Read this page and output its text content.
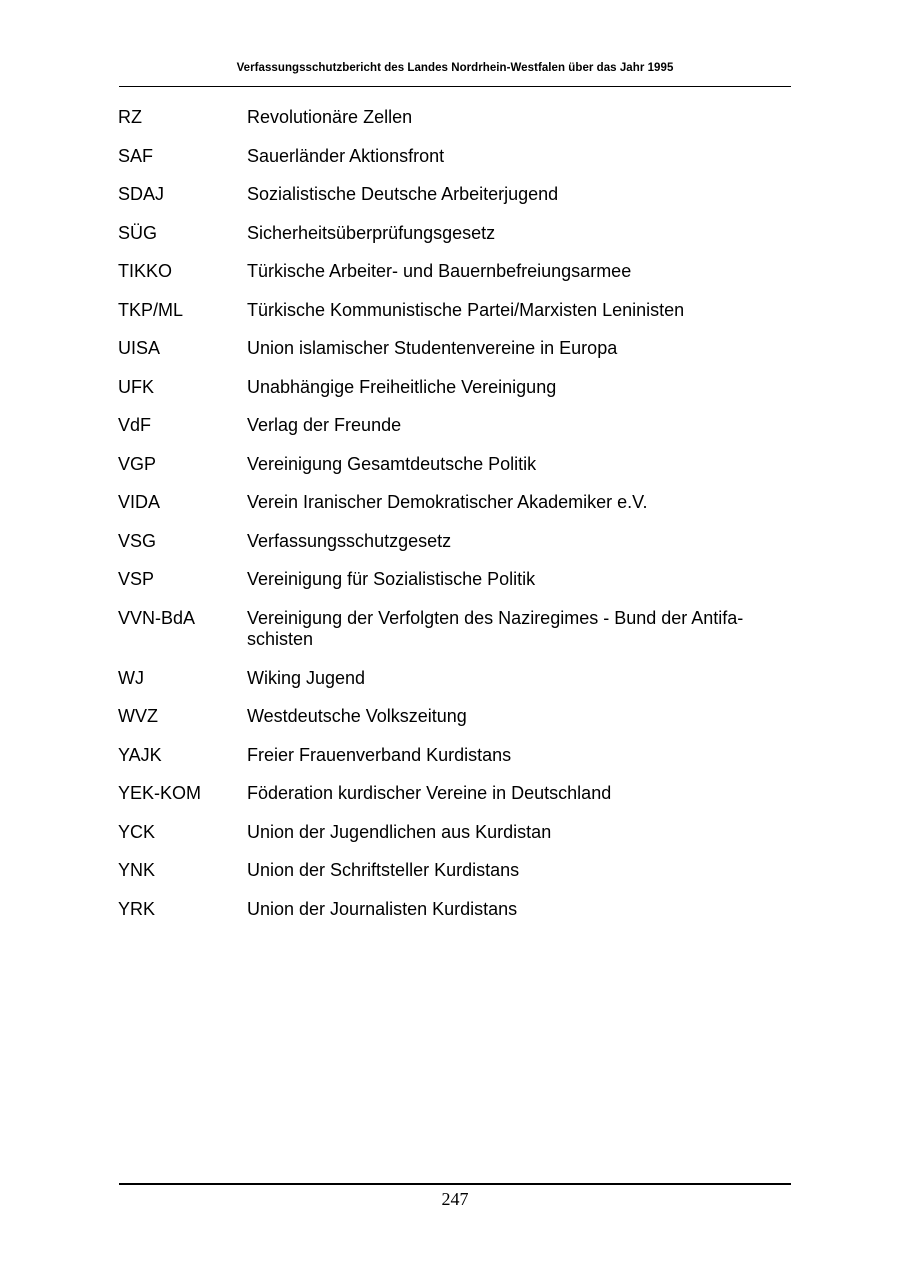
Verfassungsschutzbericht des Landes Nordrhein-Westfalen über das Jahr 1995
RZ	Revolutionäre Zellen
SAF	Sauerländer Aktionsfront
SDAJ	Sozialistische Deutsche Arbeiterjugend
SÜG	Sicherheitsüberprüfungsgesetz
TIKKO	Türkische Arbeiter- und Bauernbefreiungsarmee
TKP/ML	Türkische Kommunistische Partei/Marxisten Leninisten
UISA	Union islamischer Studentenvereine in Europa
UFK	Unabhängige Freiheitliche Vereinigung
VdF	Verlag der Freunde
VGP	Vereinigung Gesamtdeutsche Politik
VIDA	Verein Iranischer Demokratischer Akademiker e.V.
VSG	Verfassungsschutzgesetz
VSP	Vereinigung für Sozialistische Politik
VVN-BdA	Vereinigung der Verfolgten des Naziregimes - Bund der Antifa-
schisten
WJ	Wiking Jugend
WVZ	Westdeutsche Volkszeitung
YAJK	Freier Frauenverband Kurdistans
YEK-KOM	Föderation kurdischer Vereine in Deutschland
YCK	Union der Jugendlichen aus Kurdistan
YNK	Union der Schriftsteller Kurdistans
YRK	Union der Journalisten Kurdistans
247
